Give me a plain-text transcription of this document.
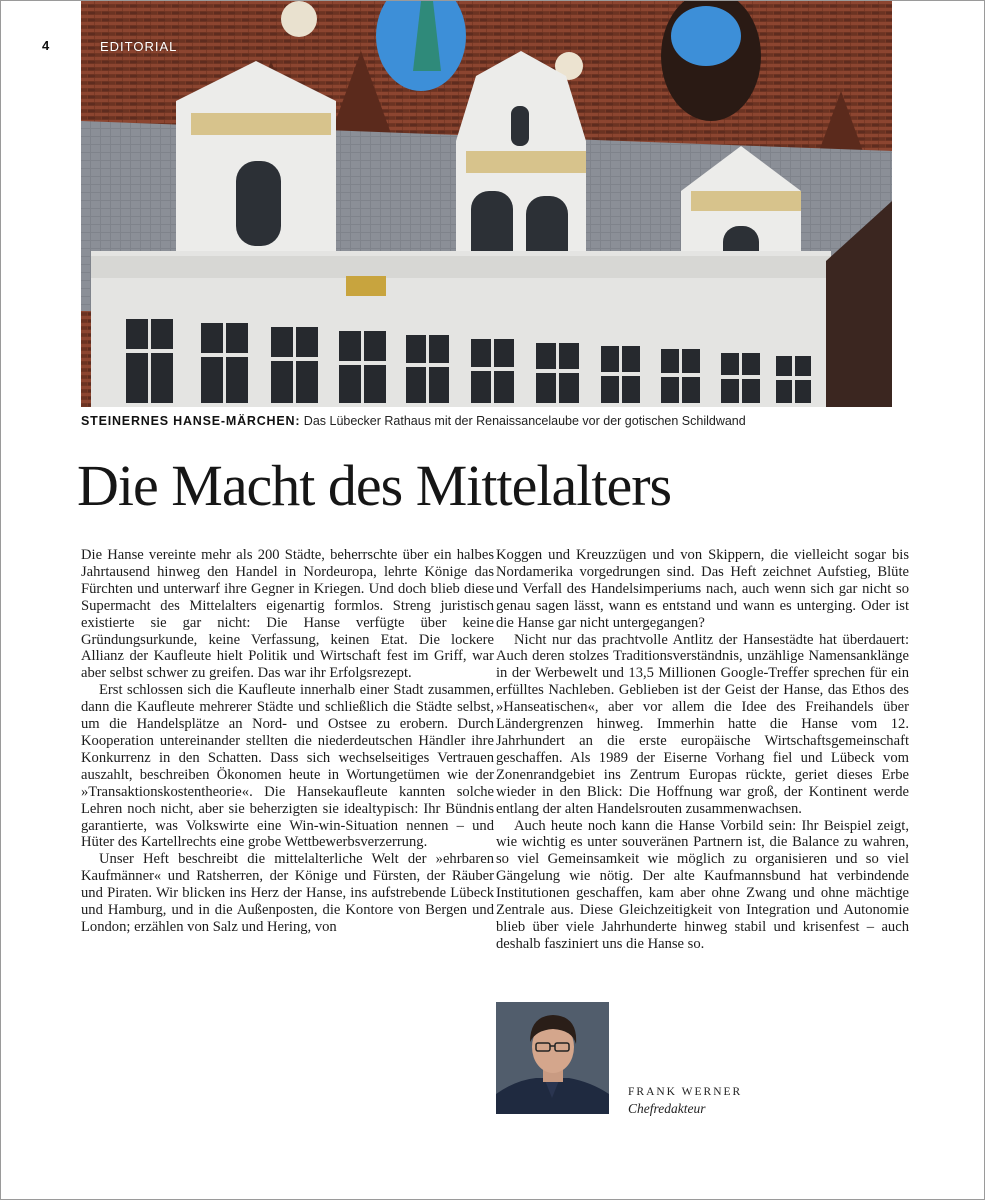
4	EDITORIAL
STEINERNES HANSE-MÄRCHEN: Das Lübecker Rathaus mit der Renaissancelaube vor der gotischen Schildwand
Die Macht des Mittelalters

Die Hanse vereinte mehr als 200 Städte, beherrschte über ein halbes Jahrtausend hinweg den Handel in Nordeuropa, lehrte Könige das Fürchten und unterwarf ihre Gegner in Kriegen. Und doch blieb diese Supermacht des Mittelalters eigenartig formlos. Streng juristisch existierte sie gar nicht: Die Hanse verfügte über keine Gründungsurkunde, keine Verfassung, keinen Etat. Die lockere Allianz der Kaufleute hielt Politik und Wirtschaft fest im Griff, war aber selbst schwer zu greifen. Das war ihr Erfolgsrezept.

Erst schlossen sich die Kaufleute innerhalb einer Stadt zusammen, dann die Kaufleute mehrerer Städte und schließlich die Städte selbst, um die Handelsplätze an Nord- und Ostsee zu erobern. Durch Kooperation untereinander stellten die niederdeutschen Händler ihre Konkurrenz in den Schatten. Dass sich wechselseitiges Vertrauen auszahlt, beschreiben Ökonomen heute in Wortungetümen wie der »Transaktionskostentheorie«. Die Hansekaufleute kannten solche Lehren noch nicht, aber sie beherzigten sie idealtypisch: Ihr Bündnis garantierte, was Volkswirte eine Win-win-Situation nennen – und Hüter des Kartellrechts eine grobe Wettbewerbsverzerrung.

Unser Heft beschreibt die mittelalterliche Welt der »ehrbaren Kaufmänner« und Ratsherren, der Könige und Fürsten, der Räuber und Piraten. Wir blicken ins Herz der Hanse, ins aufstrebende Lübeck und Hamburg, und in die Außenposten, die Kontore von Bergen und London; erzählen von Salz und Hering, von

Koggen und Kreuzzügen und von Skippern, die vielleicht sogar bis Nordamerika vorgedrungen sind. Das Heft zeichnet Aufstieg, Blüte und Verfall des Handelsimperiums nach, auch wenn sich gar nicht so genau sagen lässt, wann es entstand und wann es unterging. Oder ist die Hanse gar nicht untergegangen?

Nicht nur das prachtvolle Antlitz der Hansestädte hat überdauert: Auch deren stolzes Traditionsverständnis, unzählige Namensanklänge in der Werbewelt und 13,5 Millionen Google-Treffer sprechen für ein erfülltes Nachleben. Geblieben ist der Geist der Hanse, das Ethos des »Hanseatischen«, aber vor allem die Idee des Freihandels über Ländergrenzen hinweg. Immerhin hatte die Hanse vom 12. Jahrhundert an die erste europäische Wirtschaftsgemeinschaft geschaffen. Als 1989 der Eiserne Vorhang fiel und Lübeck vom Zonenrandgebiet ins Zentrum Europas rückte, geriet dieses Erbe wieder in den Blick: Die Hoffnung war groß, der Kontinent werde entlang der alten Handelsrouten zusammenwachsen.

Auch heute noch kann die Hanse Vorbild sein: Ihr Beispiel zeigt, wie wichtig es unter souveränen Partnern ist, die Balance zu wahren, so viel Gemeinsamkeit wie möglich zu organisieren und so viel Gängelung wie nötig. Der alte Kaufmannsbund hat verbindende Institutionen geschaffen, kam aber ohne Zwang und ohne mächtige Zentrale aus. Diese Gleichzeitigkeit von Integration und Autonomie blieb über viele Jahrhunderte hinweg stabil und krisenfest – auch deshalb fasziniert uns die Hanse so.

FRANK WERNER
Chefredakteur
